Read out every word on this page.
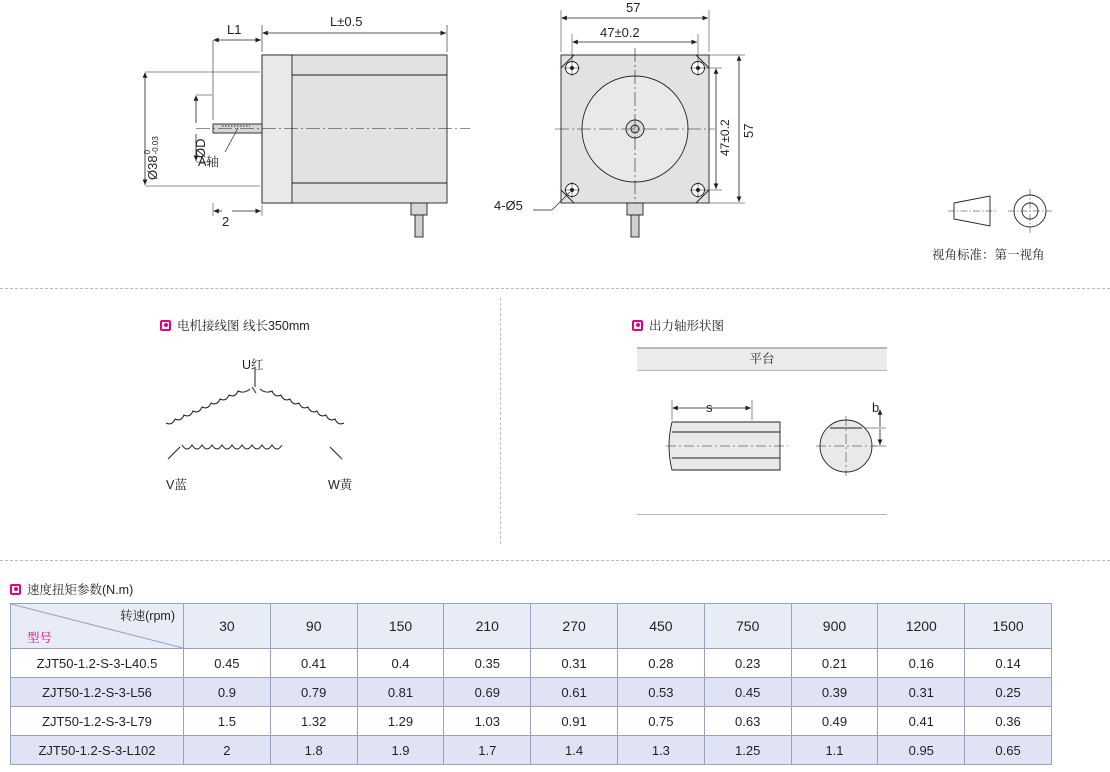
L1
L±0.5
Ø38
0 -0.03	ØD
A轴
2
57
47±0.2
47±0.2 57
4-Ø5
视角标准：第一视角
电机接线图 线长350mm
U红
V蓝	W黄
出力轴形状图
平台
s	b
速度扭矩参数(N.m)
转速(rpm)
型号	30	90	150	210	270	450	750	900	1200	1500
ZJT50-1.2-S-3-L40.5	0.45	0.41	0.4	0.35	0.31	0.28	0.23	0.21	0.16	0.14
ZJT50-1.2-S-3-L56	0.9	0.79	0.81	0.69	0.61	0.53	0.45	0.39	0.31	0.25
ZJT50-1.2-S-3-L79	1.5	1.32	1.29	1.03	0.91	0.75	0.63	0.49	0.41	0.36
ZJT50-1.2-S-3-L102	2	1.8	1.9	1.7	1.4	1.3	1.25	1.1	0.95	0.65
